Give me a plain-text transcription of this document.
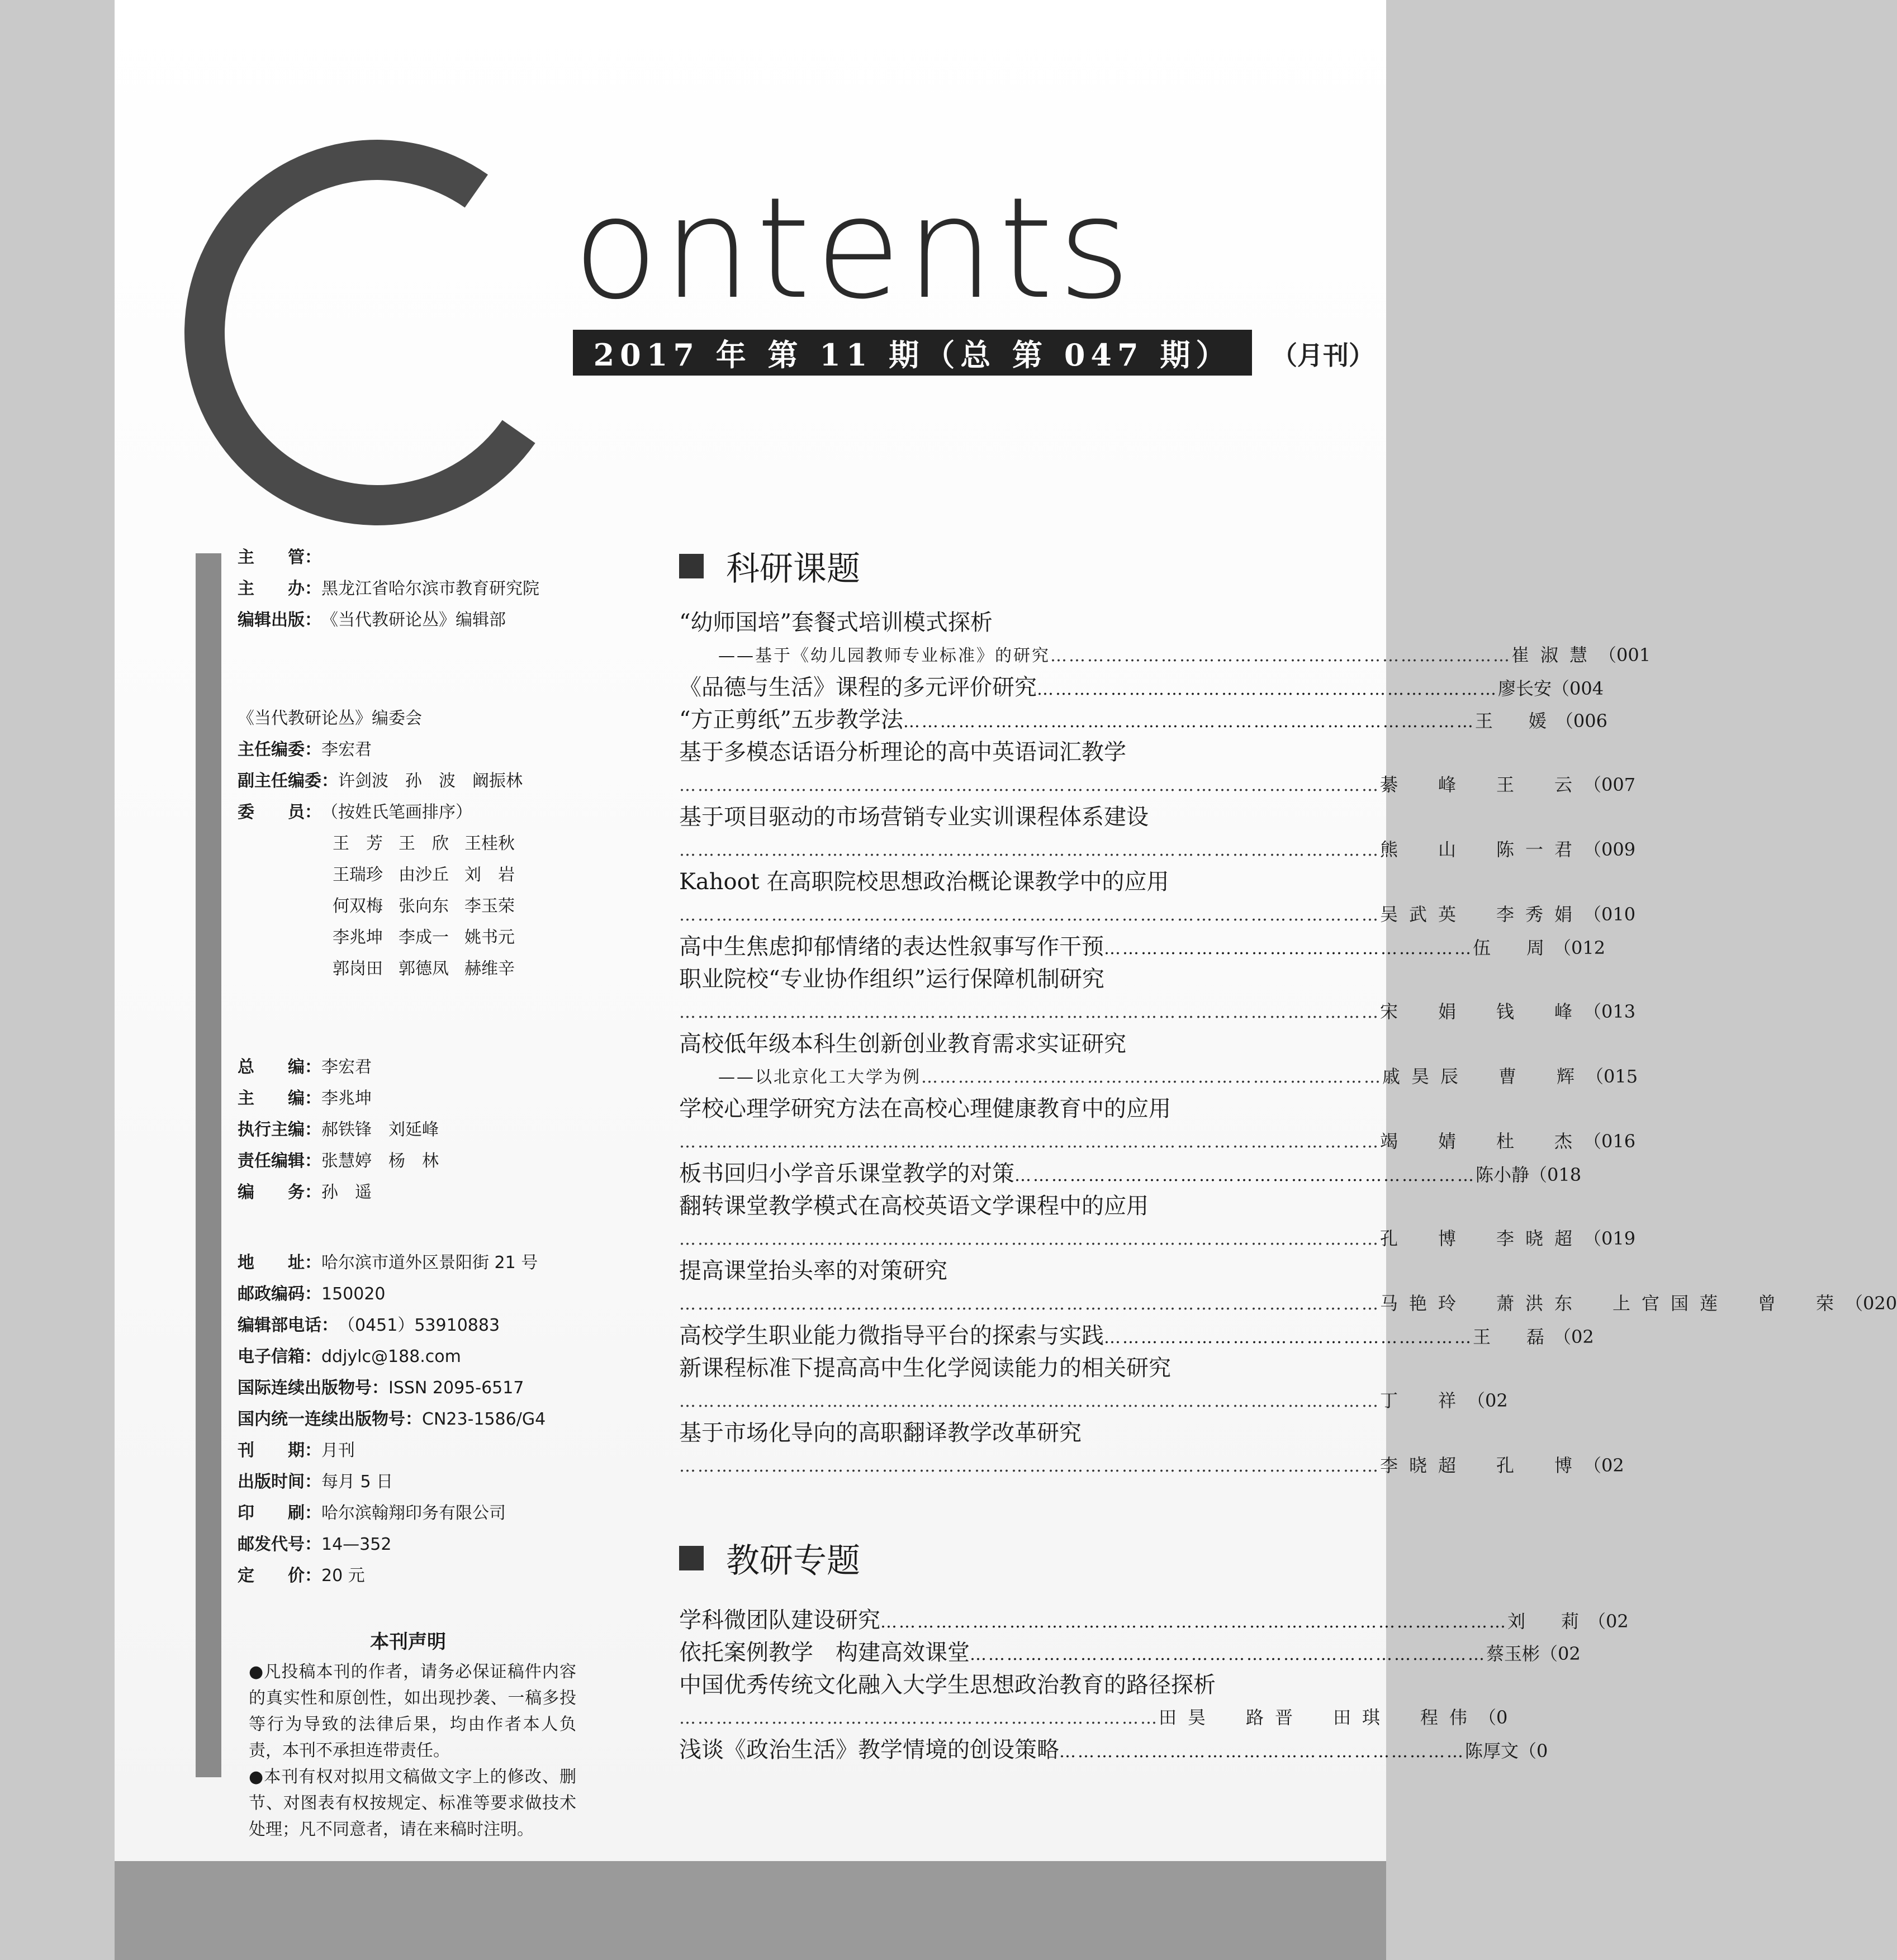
ontents
2017 年 第 11 期（总 第 047 期）	（月刊）
主　　管：
主　　办： 黑龙江省哈尔滨市教育研究院
编辑出版： 《当代教研论丛》编辑部
《当代教研论丛》编委会
主任编委： 李宏君
副主任编委： 许剑波　孙　波　阚振林
委　　员： （按姓氏笔画排序）
王　芳 王　欣 王桂秋
王瑞珍 由沙丘 刘　岩
何双梅 张向东 李玉荣
李兆坤 李成一 姚书元
郭岗田 郭德凤 赫维辛
总　　编： 李宏君
主　　编： 李兆坤
执行主编： 郝铁锋　刘延峰
责任编辑： 张慧婷　杨　林
编　　务： 孙　遥
地　　址： 哈尔滨市道外区景阳街 21 号
邮政编码： 150020
编辑部电话： （0451）53910883
电子信箱： ddjylc@188.com
国际连续出版物号： ISSN 2095-6517
国内统一连续出版物号： CN23-1586/G4
刊　　期： 月刊
出版时间： 每月 5 日
印　　刷： 哈尔滨翰翔印务有限公司
邮发代号： 14—352
定　　价： 20 元
本刊声明
●凡投稿本刊的作者，请务必保证稿件内容的真实性和原创性，如出现抄袭、一稿多投等行为导致的法律后果，均由作者本人负责，本刊不承担连带责任。
●本刊有权对拟用文稿做文字上的修改、删节、对图表有权按规定、标准等要求做技术处理；凡不同意者，请在来稿时注明。
科研课题
教研专题
“幼师国培”套餐式培训模式探析
——基于《幼儿园教师专业标准》的研究 ………………………………………………………………… 崔淑慧 （001
《品德与生活》课程的多元评价研究 ………………………………………………………………… 廖长安 （004
“方正剪纸”五步教学法 ………………………………………………………………………………… 王　媛 （006
基于多模态话语分析理论的高中英语词汇教学
…………………………………………………………………………………………………… 綦　峰　王　云 （007
基于项目驱动的市场营销专业实训课程体系建设
…………………………………………………………………………………………………… 熊　山　陈一君 （009
Kahoot 在高职院校思想政治概论课教学中的应用
…………………………………………………………………………………………………… 吴武英　李秀娟 （010
高中生焦虑抑郁情绪的表达性叙事写作干预 …………………………………………………… 伍　周 （012
职业院校“专业协作组织”运行保障机制研究
…………………………………………………………………………………………………… 宋　娟　钱　峰 （013
高校低年级本科生创新创业教育需求实证研究
——以北京化工大学为例 ………………………………………………………………… 戚昊辰　曹　辉 （015
学校心理学研究方法在高校心理健康教育中的应用
…………………………………………………………………………………………………… 竭　婧　杜　杰 （016
板书回归小学音乐课堂教学的对策 ………………………………………………………………… 陈小静 （018
翻转课堂教学模式在高校英语文学课程中的应用
…………………………………………………………………………………………………… 孔　博　李晓超 （019
提高课堂抬头率的对策研究
…………………………………………………………………………………………………… 马艳玲　萧洪东　上官国莲　曾　荣 （020
高校学生职业能力微指导平台的探索与实践 …………………………………………………… 王　磊 （02
新课程标准下提高高中生化学阅读能力的相关研究
…………………………………………………………………………………………………… 丁　祥 （02
基于市场化导向的高职翻译教学改革研究
…………………………………………………………………………………………………… 李晓超　孔　博 （02
学科微团队建设研究 ………………………………………………………………………………………… 刘　莉 （02
依托案例教学　构建高效课堂 ………………………………………………………………………… 蔡玉彬 （02
中国优秀传统文化融入大学生思想政治教育的路径探析
…………………………………………………………………… 田昊　路晋　田琪　程伟 （0
浅谈《政治生活》教学情境的创设策略 ………………………………………………………… 陈厚文 （0
